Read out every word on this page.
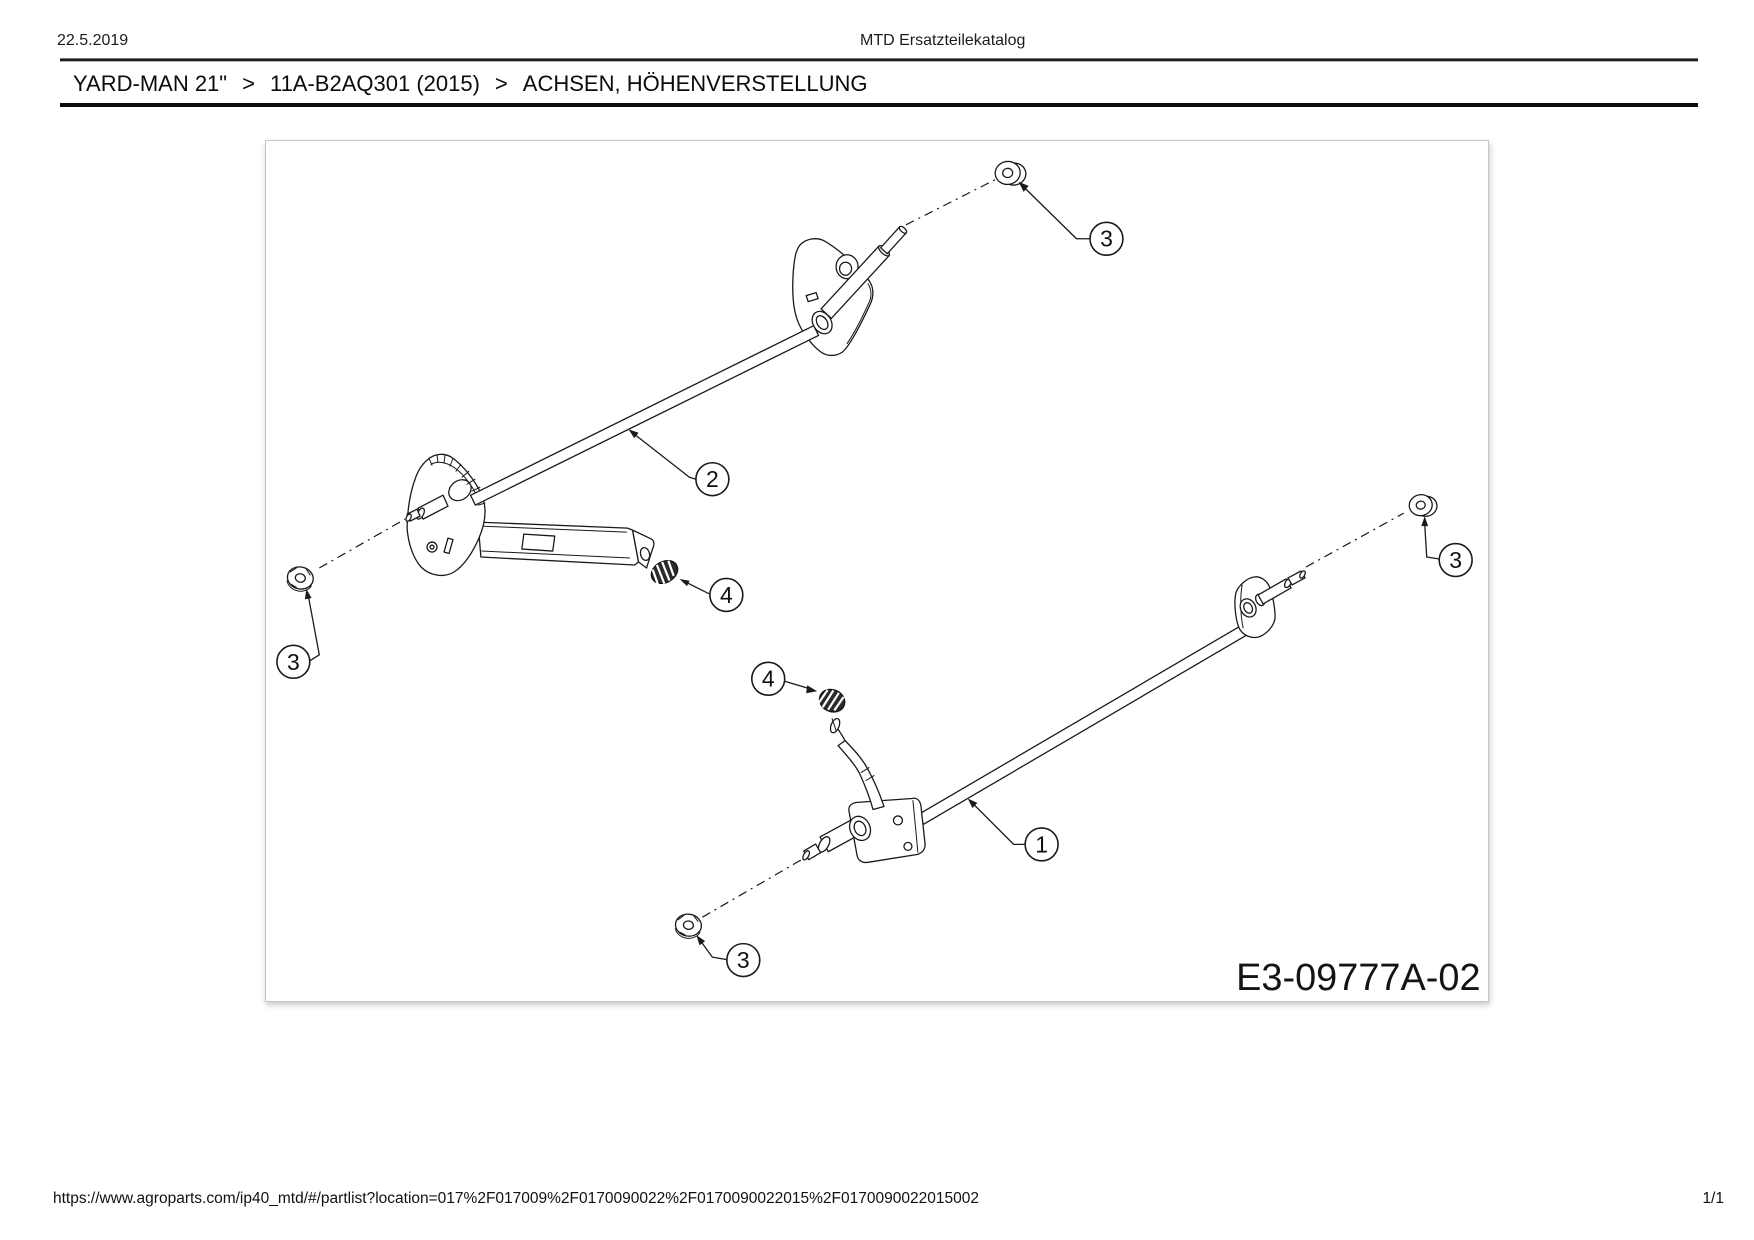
22.5.2019	MTD Ersatzteilekatalog
YARD-MAN 21" > 11A-B2AQ301 (2015) > ACHSEN, HÖHENVERSTELLUNG
3
2
4
3
3
4
1
3	E3-09777A-02
https://www.agroparts.com/ip40_mtd/#/partlist?location=017%2F017009%2F0170090022%2F0170090022015%2F0170090022015002	1/1
